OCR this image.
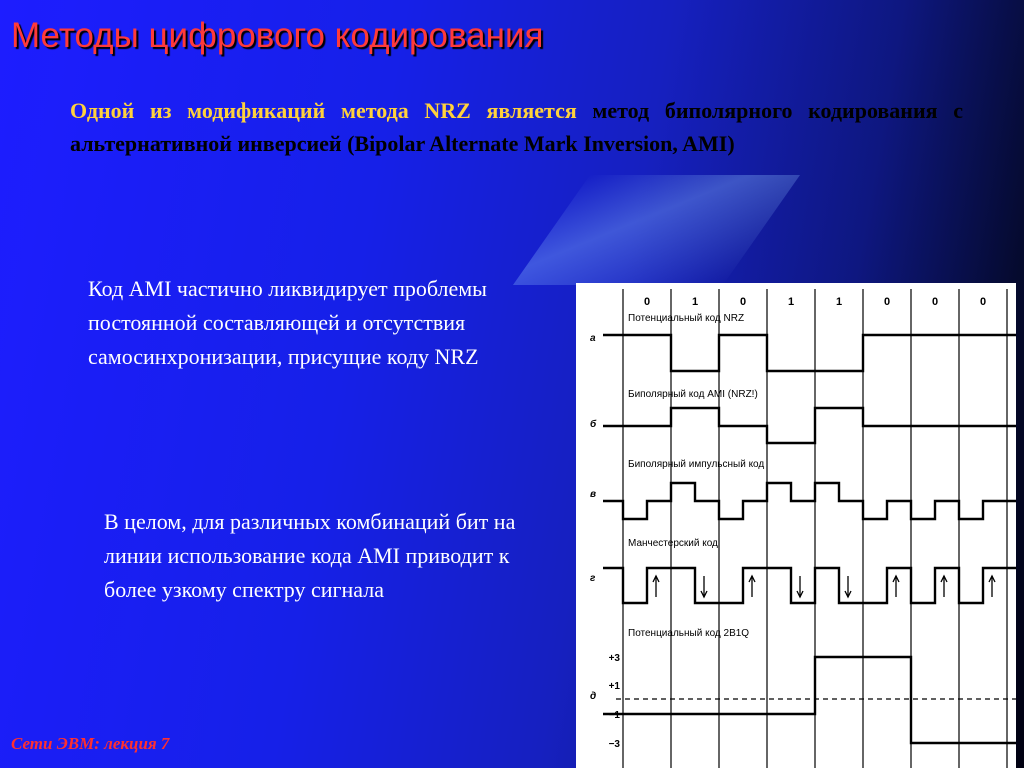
Методы цифрового кодирования

Одной из модификаций метода NRZ является метод биполярного кодирования с альтернативной инверсией (Bipolar Alternate Mark Inversion, AMI)

Код AMI частично ликвидирует проблемы постоянной составляющей и отсутствия самосинхронизации, присущие коду NRZ

В целом, для различных комбинаций бит на линии использование кода AMI приводит к более узкому спектру сигнала

Сети ЭВМ: лекция 7

0	1	0	1	1	0	0	0
Потенциальный код NRZ
а
Биполярный код AMI (NRZ!)
б
Биполярный импульсный код
в
Манчестерский код
г
Потенциальный код 2B1Q
д
+3
+1
−1
−3
